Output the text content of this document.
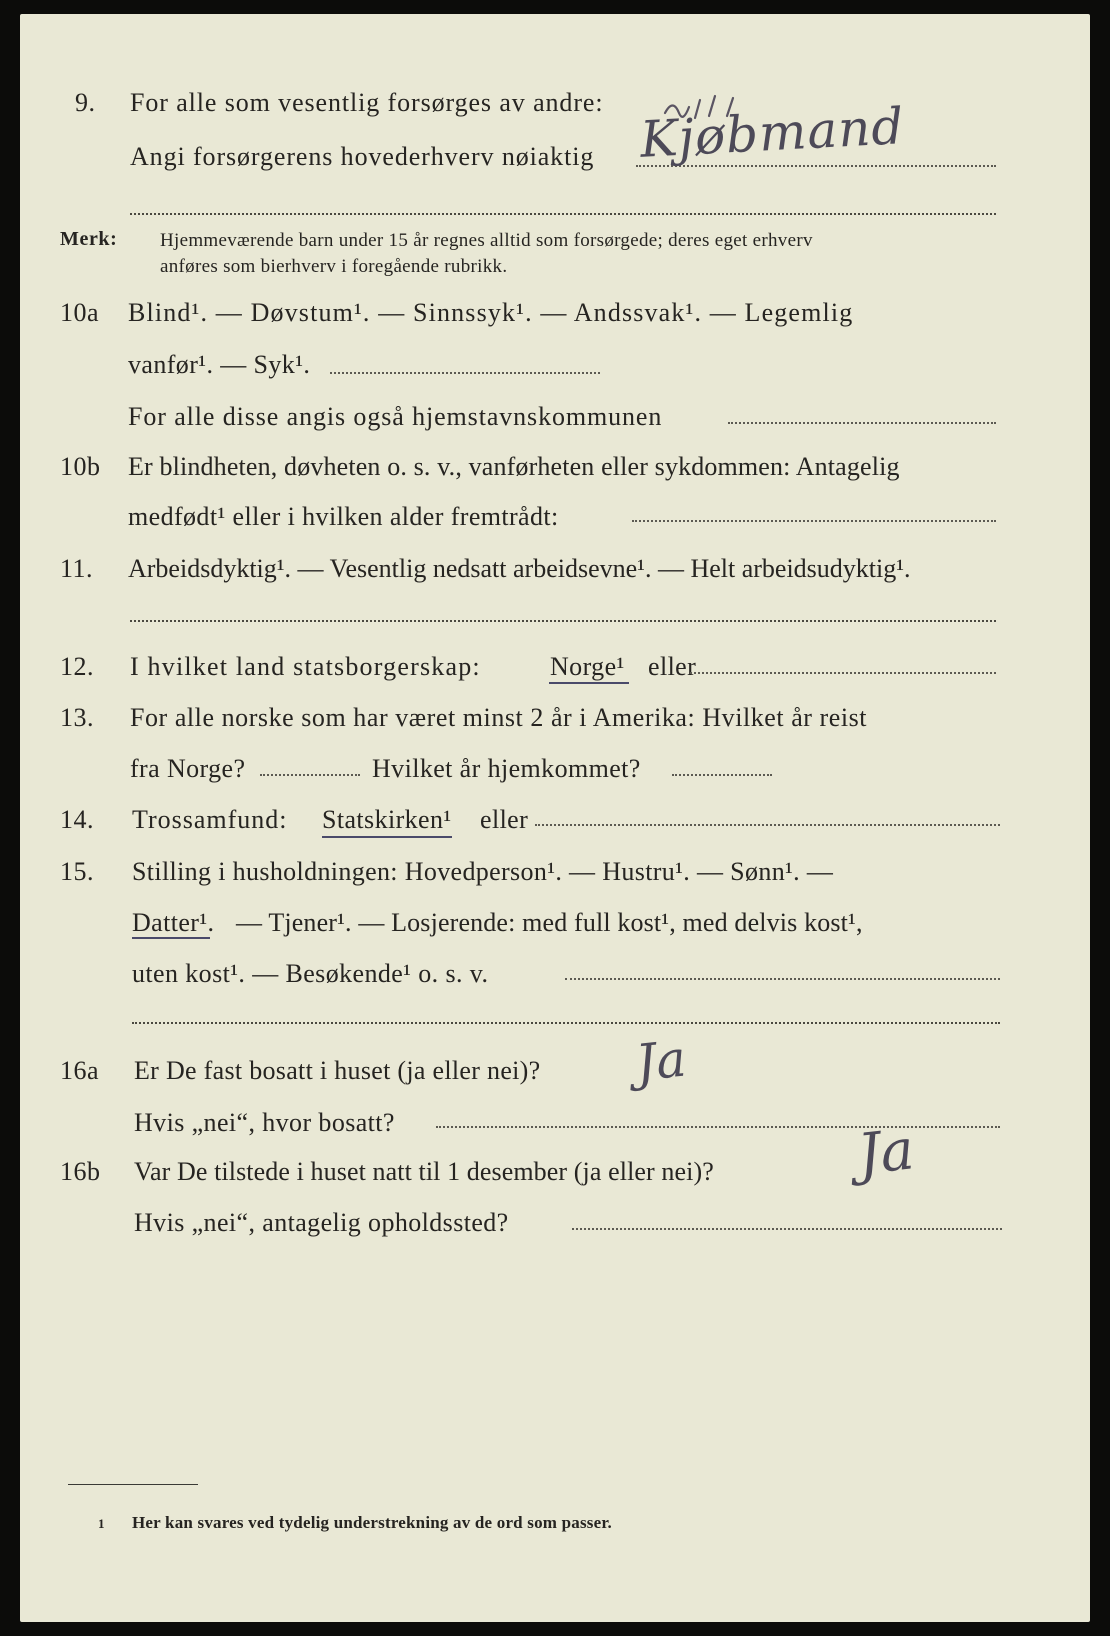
9. For alle som vesentlig forsørges av andre:
Angi forsørgerens hovederhverv nøiaktig Kjøbmand
Merk: Hjemmeværende barn under 15 år regnes alltid som forsørgede; deres eget erhverv
anføres som bierhverv i foregående rubrikk.
10a Blind¹. — Døvstum¹. — Sinnssyk¹. — Andssvak¹. — Legemlig
vanfør¹. — Syk¹.
For alle disse angis også hjemstavnskommunen
10b Er blindheten, døvheten o. s. v., vanførheten eller sykdommen: Antagelig
medfødt¹ eller i hvilken alder fremtrådt:
11. Arbeidsdyktig¹. — Vesentlig nedsatt arbeidsevne¹. — Helt arbeidsudyktig¹.
12. I hvilket land statsborgerskap:	Norge¹ eller
13. For alle norske som har været minst 2 år i Amerika: Hvilket år reist
fra Norge?	Hvilket år hjemkommet?
14. Trossamfund: Statskirken¹ eller
15. Stilling i husholdningen: Hovedperson¹. — Hustru¹. — Sønn¹. —
Datter¹. — Tjener¹. — Losjerende: med full kost¹, med delvis kost¹,
uten kost¹. — Besøkende¹ o. s. v.
16a Er De fast bosatt i huset (ja eller nei)? Ja
Hvis „nei“, hvor bosatt?
16b Var De tilstede i huset natt til 1 desember (ja eller nei)?	Ja
Hvis „nei“, antagelig opholdssted?
1 Her kan svares ved tydelig understrekning av de ord som passer.
